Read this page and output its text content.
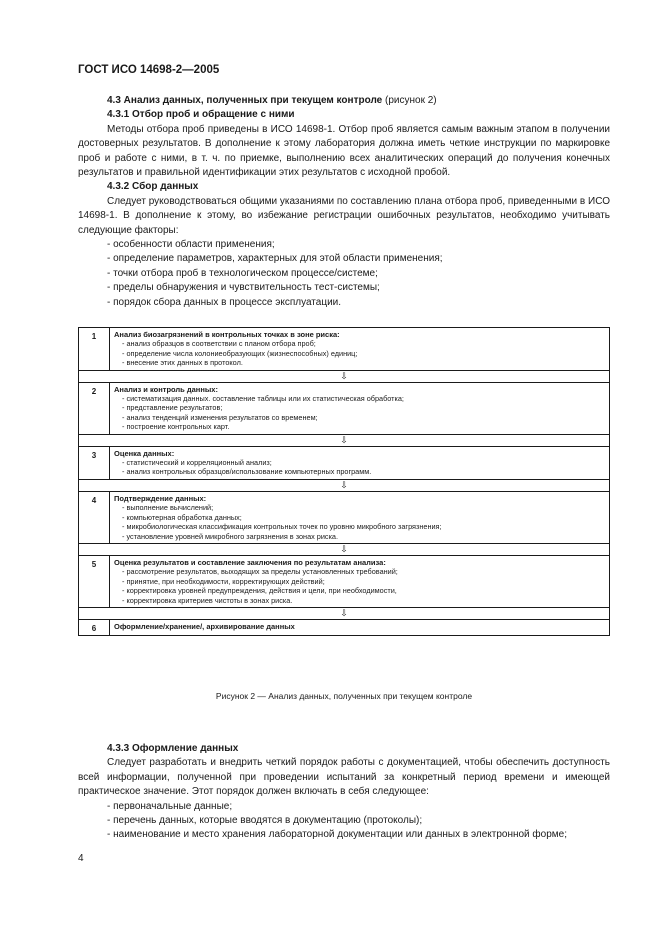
ГОСТ ИСО 14698-2—2005

4.3 Анализ данных, полученных при текущем контроле (рисунок 2)

4.3.1 Отбор проб и обращение с ними

Методы отбора проб приведены в ИСО 14698-1. Отбор проб является самым важным этапом в получении достоверных результатов. В дополнение к этому лаборатория должна иметь четкие инструкции по маркировке проб и работе с ними, в т. ч. по приемке, выполнению всех аналитических операций до получения конечных результатов и правильной идентификации этих результатов с исходной пробой.

4.3.2 Сбор данных

Следует руководствоваться общими указаниями по составлению плана отбора проб, приведенными в ИСО 14698-1. В дополнение к этому, во избежание регистрации ошибочных результатов, необходимо учитывать следующие факторы:

- особенности области применения;

- определение параметров, характерных для этой области применения;

- точки отбора проб в технологическом процессе/системе;

- пределы обнаружения и чувствительность тест-системы;

- порядок сбора данных в процессе эксплуатации.

1	Анализ биозагрязнений в контрольных точках в зоне риска:
- анализ образцов в соответствии с планом отбора проб;
- определение числа колониеобразующих (жизнеспособных) единиц;
- внесение этих данных в протокол.

⇩	
2	Анализ и контроль данных:
- систематизация данных. составление таблицы или их статистическая обработка;
- представление результатов;
- анализ тенденций изменения результатов со временем;
- построение контрольных карт.

⇩	
3	Оценка данных:
- статистический и корреляционный анализ;
- анализ контрольных образцов/использование компьютерных программ.

⇩	
4	Подтверждение данных:
- выполнение вычислений;
- компьютерная обработка данных;
- микробиологическая классификация контрольных точек по уровню микробного загрязнения;
- установление уровней микробного загрязнения в зонах риска.

⇩	
5	Оценка результатов и составление заключения по результатам анализа:
- рассмотрение результатов, выходящих за пределы установленных требований;
- принятие, при необходимости, корректирующих действий;
- корректировка уровней предупреждения, действия и цели, при необходимости,
- корректировка критериев чистоты в зонах риска.

⇩	
6	Оформление/хранение/, архивирование данных
Рисунок 2 — Анализ данных, полученных при текущем контроле

4.3.3 Оформление данных

Следует разработать и внедрить четкий порядок работы с документацией, чтобы обеспечить доступность всей информации, полученной при проведении испытаний за конкретный период времени и имеющей практическое значение. Этот порядок должен включать в себя следующее:

- первоначальные данные;

- перечень данных, которые вводятся в документацию (протоколы);

- наименование и место хранения лабораторной документации или данных в электронной форме;

4
